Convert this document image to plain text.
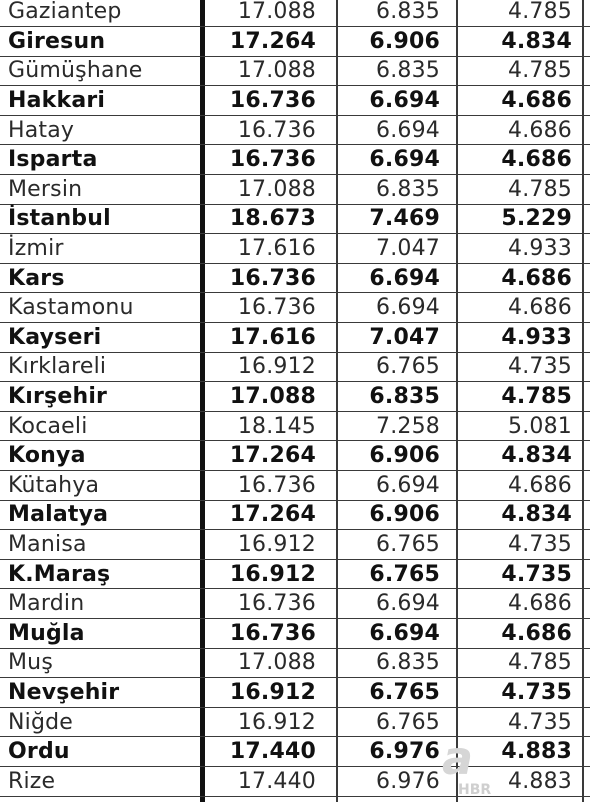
Gaziantep	17.088	6.835	4.785
Giresun	17.264	6.906	4.834
Gümüşhane	17.088	6.835	4.785
Hakkari	16.736	6.694	4.686
Hatay	16.736	6.694	4.686
Isparta	16.736	6.694	4.686
Mersin	17.088	6.835	4.785
İstanbul	18.673	7.469	5.229
İzmir	17.616	7.047	4.933
Kars	16.736	6.694	4.686
Kastamonu	16.736	6.694	4.686
Kayseri	17.616	7.047	4.933
Kırklareli	16.912	6.765	4.735
Kırşehir	17.088	6.835	4.785
Kocaeli	18.145	7.258	5.081
Konya	17.264	6.906	4.834
Kütahya	16.736	6.694	4.686
Malatya	17.264	6.906	4.834
Manisa	16.912	6.765	4.735
K.Maraş	16.912	6.765	4.735
Mardin	16.736	6.694	4.686
Muğla	16.736	6.694	4.686
Muş	17.088	6.835	4.785
Nevşehir	16.912	6.765	4.735
Niğde	16.912	6.765	4.735
Ordu	17.440	6.976	4.883
Rize	17.440	6.976	4.883
a
HBR
